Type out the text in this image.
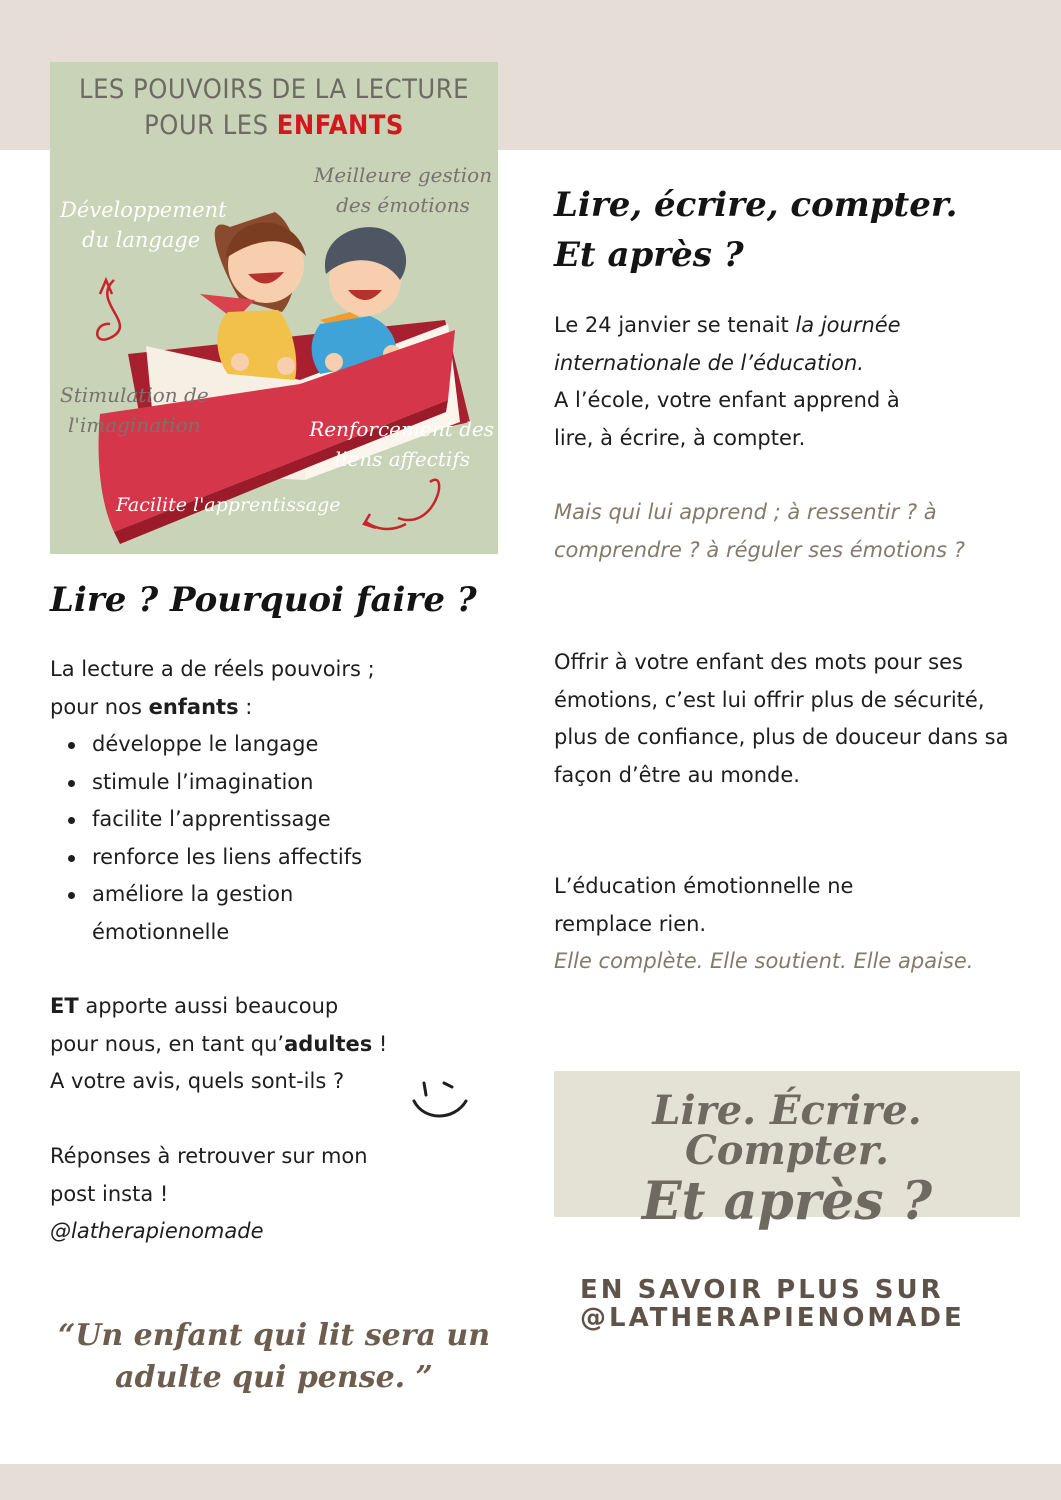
LES POUVOIRS DE LA LECTURE
POUR LES ENFANTS
Développement
du langage
Meilleure gestion
des émotions
Stimulation de
l'imagination	Renforcement des
liens affectifs
Facilite l'apprentissage
Lire ? Pourquoi faire ?
La lecture a de réels pouvoirs ;
pour nos enfants :
développe le langage
stimule l’imagination
facilite l’apprentissage
renforce les liens affectifs
améliore la gestion émotionnelle
ET apporte aussi beaucoup
pour nous, en tant qu’adultes !
A votre avis, quels sont-ils ?
Réponses à retrouver sur mon
post insta !
@latherapienomade
“Un enfant qui lit sera un
adulte qui pense. ”
Lire, écrire, compter.
Et après ?
Le 24 janvier se tenait la journée
internationale de l’éducation.
A l’école, votre enfant apprend à
lire, à écrire, à compter.
Mais qui lui apprend ; à ressentir ? à comprendre ? à réguler ses émotions ?
Offrir à votre enfant des mots pour ses émotions, c’est lui offrir plus de sécurité, plus de confiance, plus de douceur dans sa façon d’être au monde.
L’éducation émotionnelle ne
remplace rien.
Elle complète. Elle soutient. Elle apaise.
Lire. Écrire. Compter.
Et après ?
EN SAVOIR PLUS SUR
@LATHERAPIENOMADE
